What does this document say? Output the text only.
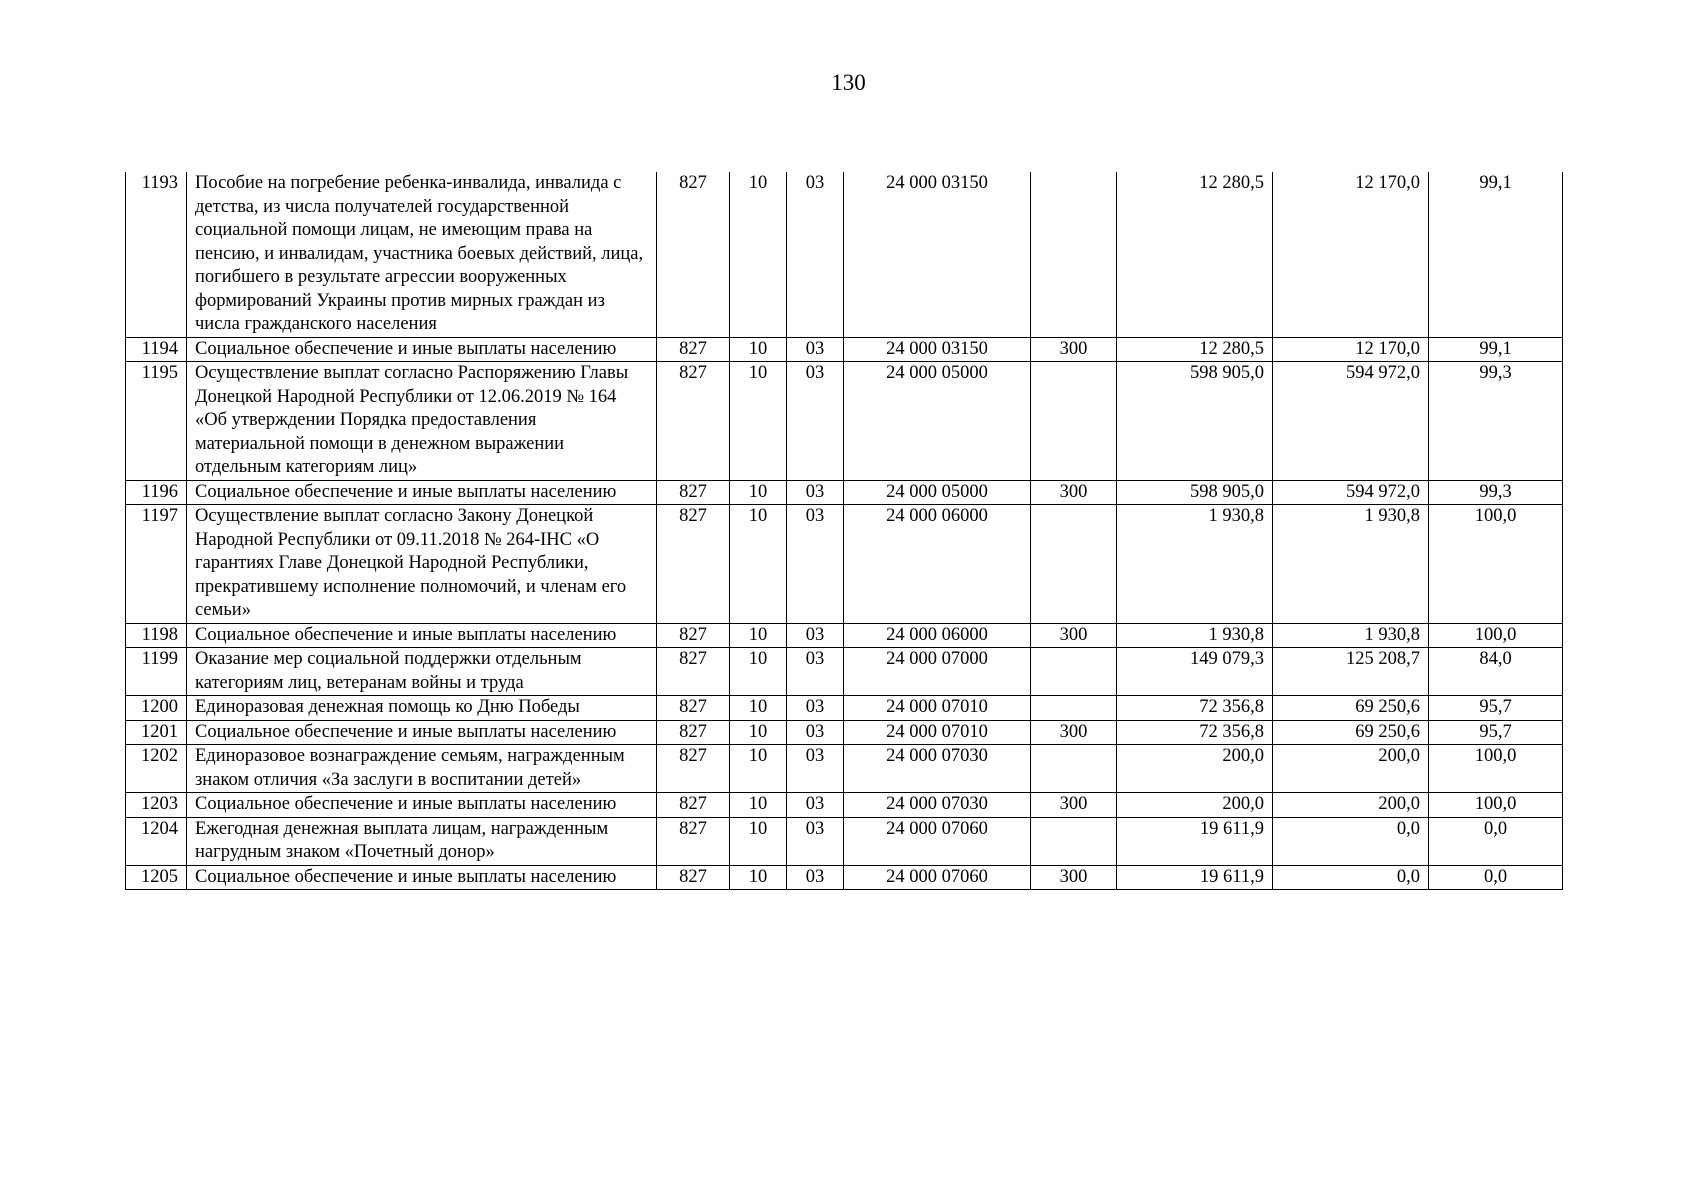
130
1193	Пособие на погребение ребенка-инвалида, инвалида с детства, из числа получателей государственной социальной помощи лицам, не имеющим права на пенсию, и инвалидам, участника боевых действий, лица, погибшего в результате агрессии вооруженных формирований Украины против мирных граждан из числа гражданского населения	827	10	03	24 000 03150		12 280,5	12 170,0	99,1
1194	Социальное обеспечение и иные выплаты населению	827	10	03	24 000 03150	300	12 280,5	12 170,0	99,1
1195	Осуществление выплат согласно Распоряжению Главы Донецкой Народной Республики от 12.06.2019 № 164 «Об утверждении Порядка предоставления материальной помощи в денежном выражении отдельным категориям лиц»	827	10	03	24 000 05000		598 905,0	594 972,0	99,3
1196	Социальное обеспечение и иные выплаты населению	827	10	03	24 000 05000	300	598 905,0	594 972,0	99,3
1197	Осуществление выплат согласно Закону Донецкой Народной Республики от 09.11.2018 № 264-IНС «О гарантиях Главе Донецкой Народной Республики, прекратившему исполнение полномочий, и членам его семьи»	827	10	03	24 000 06000		1 930,8	1 930,8	100,0
1198	Социальное обеспечение и иные выплаты населению	827	10	03	24 000 06000	300	1 930,8	1 930,8	100,0
1199	Оказание мер социальной поддержки отдельным категориям лиц, ветеранам войны и труда	827	10	03	24 000 07000		149 079,3	125 208,7	84,0
1200	Единоразовая денежная помощь ко Дню Победы	827	10	03	24 000 07010		72 356,8	69 250,6	95,7
1201	Социальное обеспечение и иные выплаты населению	827	10	03	24 000 07010	300	72 356,8	69 250,6	95,7
1202	Единоразовое вознаграждение семьям, награжденным знаком отличия «За заслуги в воспитании детей»	827	10	03	24 000 07030		200,0	200,0	100,0
1203	Социальное обеспечение и иные выплаты населению	827	10	03	24 000 07030	300	200,0	200,0	100,0
1204	Ежегодная денежная выплата лицам, награжденным нагрудным знаком «Почетный донор»	827	10	03	24 000 07060		19 611,9	0,0	0,0
1205	Социальное обеспечение и иные выплаты населению	827	10	03	24 000 07060	300	19 611,9	0,0	0,0
